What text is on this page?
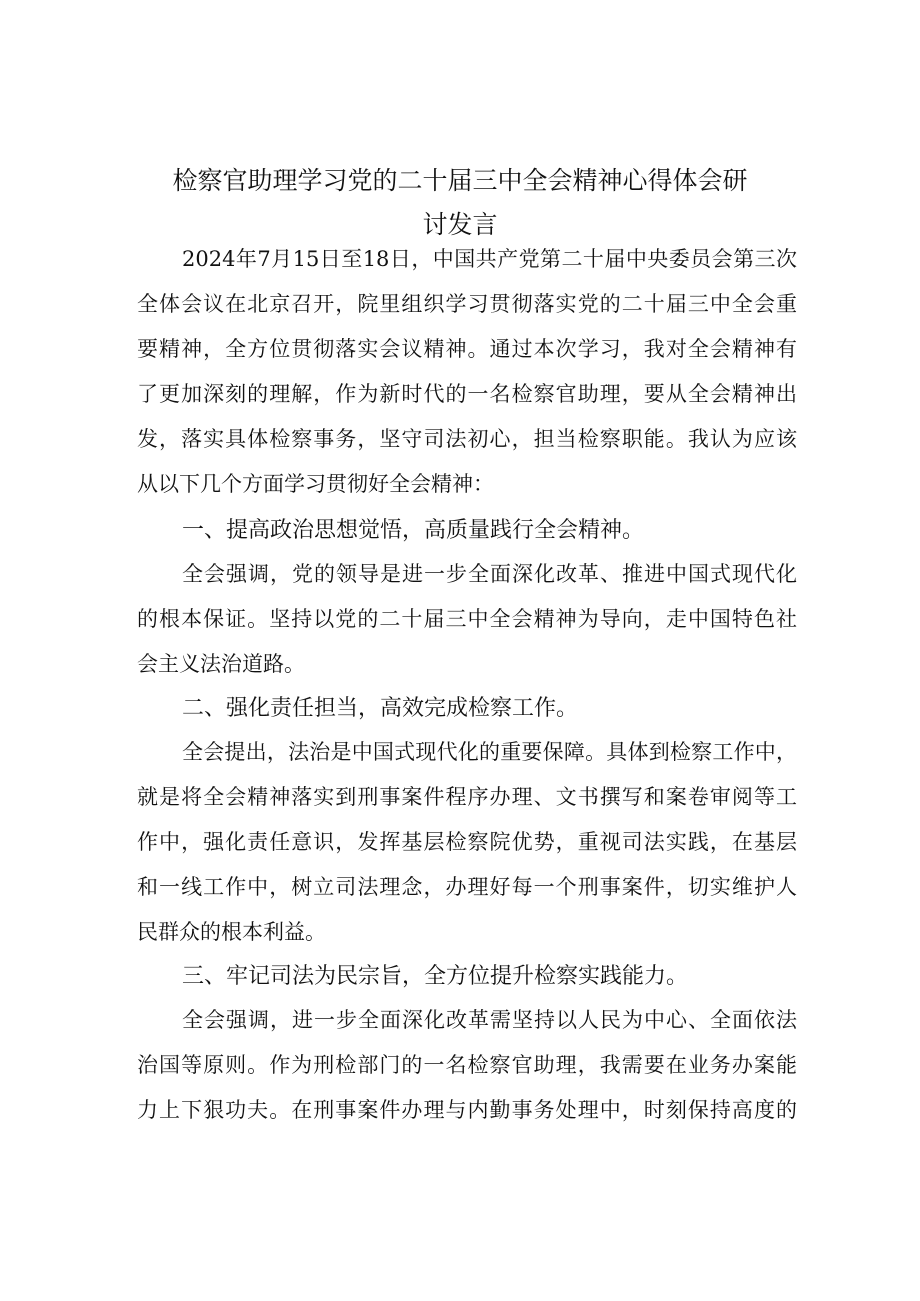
检察官助理学习党的二十届三中全会精神心得体会研
讨发言
2024年7月15日至18日，中国共产党第二十届中央委员会第三次
全体会议在北京召开，院里组织学习贯彻落实党的二十届三中全会重
要精神，全方位贯彻落实会议精神。通过本次学习，我对全会精神有
了更加深刻的理解，作为新时代的一名检察官助理，要从全会精神出
发，落实具体检察事务，坚守司法初心，担当检察职能。我认为应该
从以下几个方面学习贯彻好全会精神：
一、提高政治思想觉悟，高质量践行全会精神。
全会强调，党的领导是进一步全面深化改革、推进中国式现代化
的根本保证。坚持以党的二十届三中全会精神为导向，走中国特色社
会主义法治道路。
二、强化责任担当，高效完成检察工作。
全会提出，法治是中国式现代化的重要保障。具体到检察工作中，
就是将全会精神落实到刑事案件程序办理、文书撰写和案卷审阅等工
作中，强化责任意识，发挥基层检察院优势，重视司法实践，在基层
和一线工作中，树立司法理念，办理好每一个刑事案件，切实维护人
民群众的根本利益。
三、牢记司法为民宗旨，全方位提升检察实践能力。
全会强调，进一步全面深化改革需坚持以人民为中心、全面依法
治国等原则。作为刑检部门的一名检察官助理，我需要在业务办案能
力上下狠功夫。在刑事案件办理与内勤事务处理中，时刻保持高度的
